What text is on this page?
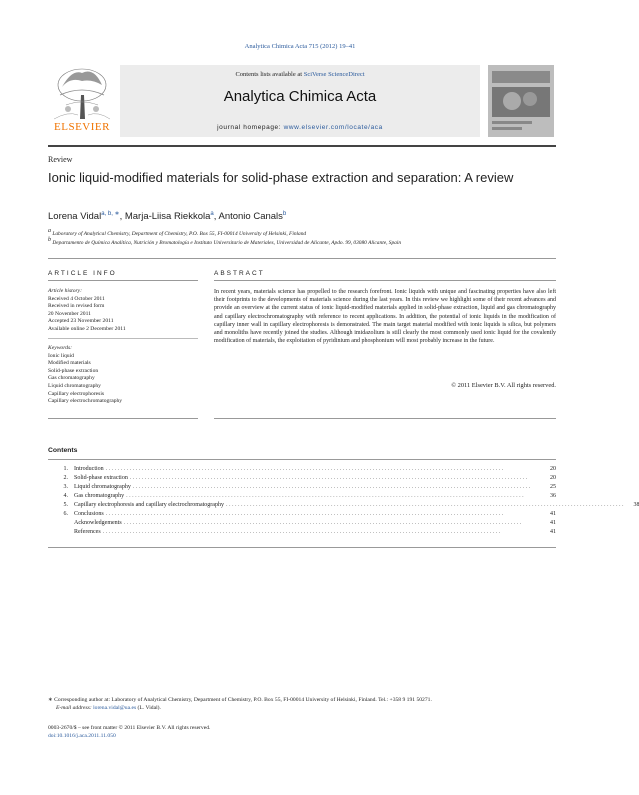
Analytica Chimica Acta 715 (2012) 19–41
ELSEVIER
Contents lists available at SciVerse ScienceDirect
Analytica Chimica Acta
journal homepage: www.elsevier.com/locate/aca
Review
Ionic liquid-modified materials for solid-phase extraction and separation: A review
Lorena Vidal$^{a, b, ∗}$, Marja-Liisa Riekkola$^a$, Antonio Canals$^b$
$^a$ Laboratory of Analytical Chemistry, Department of Chemistry, P.O. Box 55, FI-00014 University of Helsinki, Finland
$^b$ Departamento de Química Analítica, Nutrición y Bromatología e Instituto Universitario de Materiales, Universidad de Alicante, Apdo. 99, 03080 Alicante, Spain
ARTICLE INFO
Article history:
Received 4 October 2011
Received in revised form
20 November 2011
Accepted 23 November 2011
Available online 2 December 2011
Keywords:
Ionic liquid
Modified materials
Solid-phase extraction
Gas chromatography
Liquid chromatography
Capillary electrophoresis
Capillary electrochromatography
ABSTRACT
In recent years, materials science has propelled to the research forefront. Ionic liquids with unique and fascinating properties have also left their footprints to the developments of materials science during the last years. In this review we highlight some of their recent advances and provide an overview at the current status of ionic liquid-modified materials applied in solid-phase extraction, liquid and gas chromatography and capillary electrochromatography with reference to recent applications. In addition, the potential of ionic liquids in the modification of capillary inner wall in capillary electrophoresis is demonstrated. The main target material modified with ionic liquids is silica, but polymers and monoliths have recently joined the studies. Although imidazolium is still clearly the most commonly used ionic liquid for the covalently modification of materials, the exploitation of pyridinium and phosphonium will most probably increase in the future.
© 2011 Elsevier B.V. All rights reserved.
Contents
1.	Introduction . . . . . . . . . . . . . . . . . . . . . . . . . . . . . . . . . . . . . . . . . . . . . . . . . . . . . . . . . . . . . . . . . . . . . . . . . . . . . . . . . . . . . . . . . . . . . . . . . . . . . . . . . . . . . . . . . . . . . . . . . . . . . . . . . . . . .	20
2.	Solid-phase extraction . . . . . . . . . . . . . . . . . . . . . . . . . . . . . . . . . . . . . . . . . . . . . . . . . . . . . . . . . . . . . . . . . . . . . . . . . . . . . . . . . . . . . . . . . . . . . . . . . . . . . . . . . . . . . . . . . . . . . . . . . . . . . . . . . . . . .	20
3.	Liquid chromatography . . . . . . . . . . . . . . . . . . . . . . . . . . . . . . . . . . . . . . . . . . . . . . . . . . . . . . . . . . . . . . . . . . . . . . . . . . . . . . . . . . . . . . . . . . . . . . . . . . . . . . . . . . . . . . . . . . . . . . . . . . . . . . . . . . . . .	25
4.	Gas chromatography . . . . . . . . . . . . . . . . . . . . . . . . . . . . . . . . . . . . . . . . . . . . . . . . . . . . . . . . . . . . . . . . . . . . . . . . . . . . . . . . . . . . . . . . . . . . . . . . . . . . . . . . . . . . . . . . . . . . . . . . . . . . . . . . . . . . .	36
5.	Capillary electrophoresis and capillary electrochromatography . . . . . . . . . . . . . . . . . . . . . . . . . . . . . . . . . . . . . . . . . . . . . . . . . . . . . . . . . . . . . . . . . . . . . . . . . . . . . . . . . . . . . . . . . . . . . . . . . . . . . . . . . . . . . . . . . . . . . . . . . . . . . . . . . . . . .	38
6.	Conclusions . . . . . . . . . . . . . . . . . . . . . . . . . . . . . . . . . . . . . . . . . . . . . . . . . . . . . . . . . . . . . . . . . . . . . . . . . . . . . . . . . . . . . . . . . . . . . . . . . . . . . . . . . . . . . . . . . . . . . . . . . . . . . . . . . . . . .	41
Acknowledgements . . . . . . . . . . . . . . . . . . . . . . . . . . . . . . . . . . . . . . . . . . . . . . . . . . . . . . . . . . . . . . . . . . . . . . . . . . . . . . . . . . . . . . . . . . . . . . . . . . . . . . . . . . . . . . . . . . . . . . . . . . . . . . . . . . . . .	41
References . . . . . . . . . . . . . . . . . . . . . . . . . . . . . . . . . . . . . . . . . . . . . . . . . . . . . . . . . . . . . . . . . . . . . . . . . . . . . . . . . . . . . . . . . . . . . . . . . . . . . . . . . . . . . . . . . . . . . . . . . . . . . . . . . . . . .	41
∗ Corresponding author at: Laboratory of Analytical Chemistry, Department of Chemistry, P.O. Box 55, FI-00014 University of Helsinki, Finland. Tel.: +358 9 191 50271.
E-mail address: lorena.vidal@ua.es (L. Vidal).
0003-2670/$ – see front matter © 2011 Elsevier B.V. All rights reserved.
doi:10.1016/j.aca.2011.11.050
